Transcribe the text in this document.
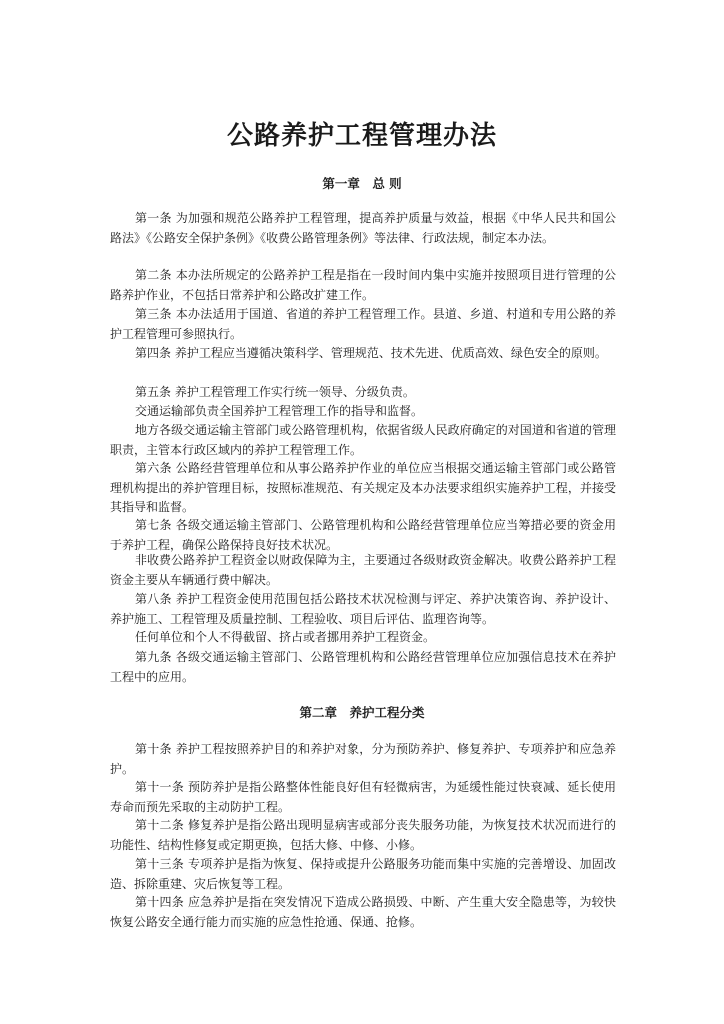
公路养护工程管理办法
第一章　总 则

第一条 为加强和规范公路养护工程管理，提高养护质量与效益，根据《中华人民共和国公路法》《公路安全保护条例》《收费公路管理条例》等法律、行政法规，制定本办法。

第二条 本办法所规定的公路养护工程是指在一段时间内集中实施并按照项目进行管理的公路养护作业，不包括日常养护和公路改扩建工作。

第三条 本办法适用于国道、省道的养护工程管理工作。县道、乡道、村道和专用公路的养护工程管理可参照执行。

第四条 养护工程应当遵循决策科学、管理规范、技术先进、优质高效、绿色安全的原则。

第五条 养护工程管理工作实行统一领导、分级负责。

交通运输部负责全国养护工程管理工作的指导和监督。

地方各级交通运输主管部门或公路管理机构，依据省级人民政府确定的对国道和省道的管理职责，主管本行政区域内的养护工程管理工作。

第六条 公路经营管理单位和从事公路养护作业的单位应当根据交通运输主管部门或公路管理机构提出的养护管理目标，按照标准规范、有关规定及本办法要求组织实施养护工程，并接受其指导和监督。

第七条 各级交通运输主管部门、公路管理机构和公路经营管理单位应当筹措必要的资金用于养护工程，确保公路保持良好技术状况。

非收费公路养护工程资金以财政保障为主，主要通过各级财政资金解决。收费公路养护工程资金主要从车辆通行费中解决。

第八条 养护工程资金使用范围包括公路技术状况检测与评定、养护决策咨询、养护设计、养护施工、工程管理及质量控制、工程验收、项目后评估、监理咨询等。

任何单位和个人不得截留、挤占或者挪用养护工程资金。

第九条 各级交通运输主管部门、公路管理机构和公路经营管理单位应加强信息技术在养护工程中的应用。

第二章　养护工程分类

第十条 养护工程按照养护目的和养护对象，分为预防养护、修复养护、专项养护和应急养护。

第十一条 预防养护是指公路整体性能良好但有轻微病害，为延缓性能过快衰减、延长使用寿命而预先采取的主动防护工程。

第十二条 修复养护是指公路出现明显病害或部分丧失服务功能，为恢复技术状况而进行的功能性、结构性修复或定期更换，包括大修、中修、小修。

第十三条 专项养护是指为恢复、保持或提升公路服务功能而集中实施的完善增设、加固改造、拆除重建、灾后恢复等工程。

第十四条 应急养护是指在突发情况下造成公路损毁、中断、产生重大安全隐患等，为较快恢复公路安全通行能力而实施的应急性抢通、保通、抢修。
